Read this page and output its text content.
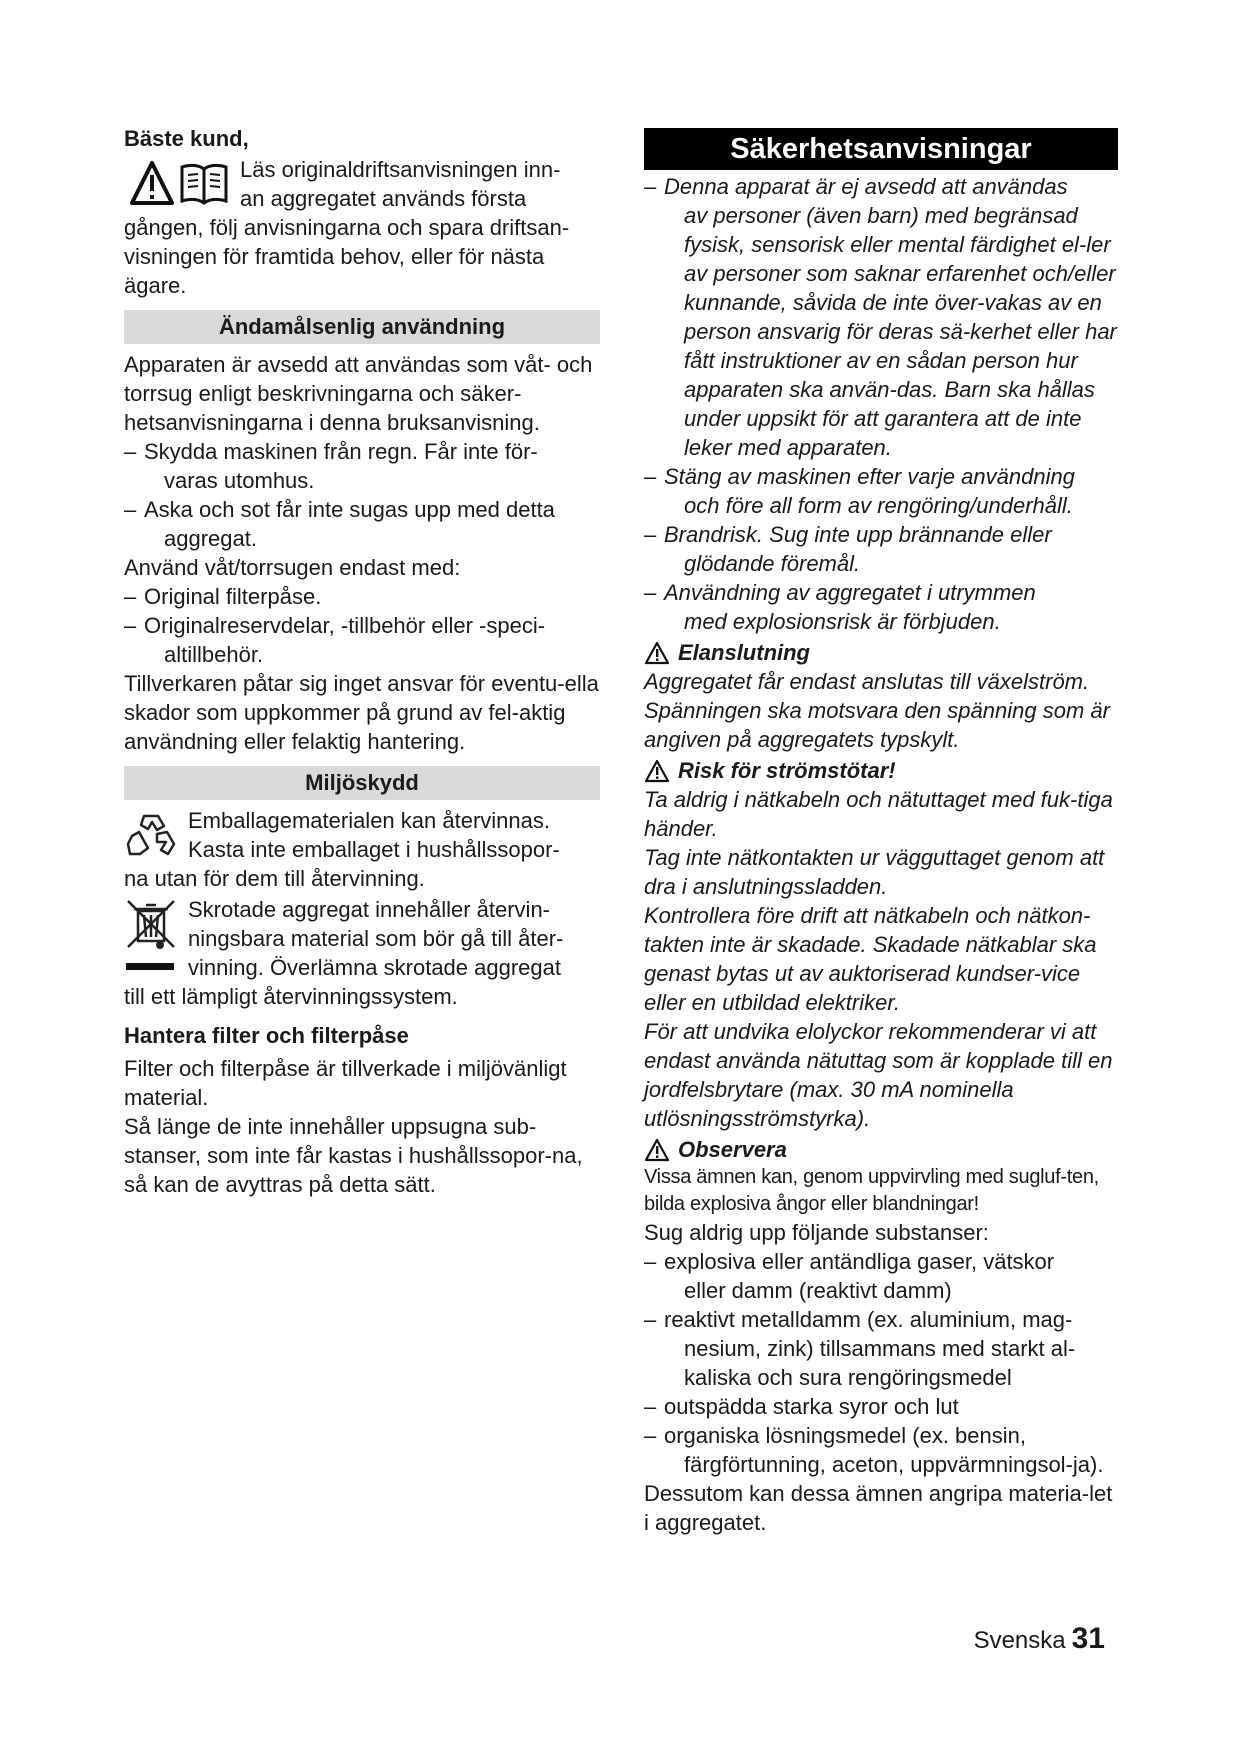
Bäste kund,

Läs originaldriftsanvisningen inn-

an aggregatet används första

gången, följ anvisningarna och spara driftsan-visningen för framtida behov, eller för nästa ägare.

Ändamålsenlig användning

Apparaten är avsedd att användas som våt- och torrsug enligt beskrivningarna och säker-hetsanvisningarna i denna bruksanvisning.

– Skydda maskinen från regn. Får inte för-
varas utomhus.
– Aska och sot får inte sugas upp med detta
aggregat.

Använd våt/torrsugen endast med:

– Original filterpåse.
– Originalreservdelar, -tillbehör eller -speci-
altillbehör.

Tillverkaren påtar sig inget ansvar för eventu-ella skador som uppkommer på grund av fel-aktig användning eller felaktig hantering.

Miljöskydd

Emballagematerialen kan återvinnas.

Kasta inte emballaget i hushållssopor-

na utan för dem till återvinning.

Skrotade aggregat innehåller återvin-

ningsbara material som bör gå till åter-

vinning. Överlämna skrotade aggregat

till ett lämpligt återvinningssystem.

Hantera filter och filterpåse

Filter och filterpåse är tillverkade i miljövänligt material.

Så länge de inte innehåller uppsugna sub-stanser, som inte får kastas i hushållssopor-na, så kan de avyttras på detta sätt.

Säkerhetsanvisningar
– Denna apparat är ej avsedd att användas
av personer (även barn) med begränsad fysisk, sensorisk eller mental färdighet el-ler av personer som saknar erfarenhet och/eller kunnande, såvida de inte över-vakas av en person ansvarig för deras sä-kerhet eller har fått instruktioner av en sådan person hur apparaten ska använ-das. Barn ska hållas under uppsikt för att garantera att de inte leker med apparaten.
– Stäng av maskinen efter varje användning
och före all form av rengöring/underhåll.
– Brandrisk. Sug inte upp brännande eller
glödande föremål.
– Användning av aggregatet i utrymmen
med explosionsrisk är förbjuden.
Elanslutning

Aggregatet får endast anslutas till växelström. Spänningen ska motsvara den spänning som är angiven på aggregatets typskylt.

Risk för strömstötar!

Ta aldrig i nätkabeln och nätuttaget med fuk-tiga händer.

Tag inte nätkontakten ur vägguttaget genom att dra i anslutningssladden.

Kontrollera före drift att nätkabeln och nätkon-takten inte är skadade. Skadade nätkablar ska genast bytas ut av auktoriserad kundser-vice eller en utbildad elektriker.

För att undvika elolyckor rekommenderar vi att endast använda nätuttag som är kopplade till en jordfelsbrytare (max. 30 mA nominella utlösningsströmstyrka).

Observera

Vissa ämnen kan, genom uppvirvling med sugluf-ten, bilda explosiva ångor eller blandningar!

Sug aldrig upp följande substanser:

– explosiva eller antändliga gaser, vätskor
eller damm (reaktivt damm)
– reaktivt metalldamm (ex. aluminium, mag-
nesium, zink) tillsammans med starkt al-kaliska och sura rengöringsmedel
– outspädda starka syror och lut
– organiska lösningsmedel (ex. bensin,
färgförtunning, aceton, uppvärmningsol-ja).

Dessutom kan dessa ämnen angripa materia-let i aggregatet.

Svenska 31
